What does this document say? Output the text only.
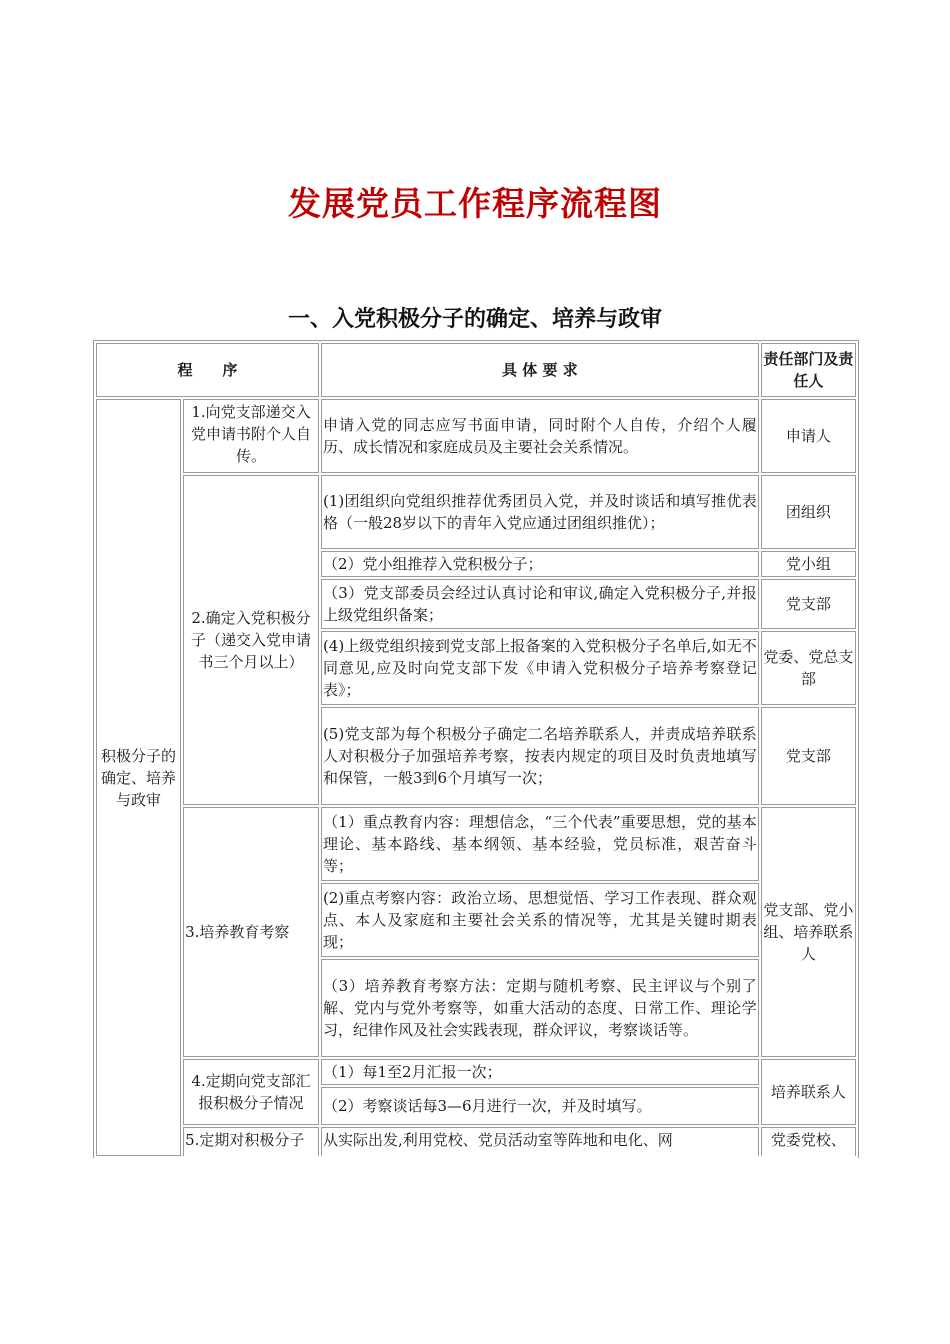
发展党员工作程序流程图
一、入党积极分子的确定、培养与政审
程　　序		具 体 要 求	责任部门及责任人
积极分子的确定、培养与政审	1.向党支部递交入党申请书附个人自传。	申请入党的同志应写书面申请，同时附个人自传，介绍个人履历、成长情况和家庭成员及主要社会关系情况。	申请人
	2.确定入党积极分子（递交入党申请书三个月以上）	(1)团组织向党组织推荐优秀团员入党，并及时谈话和填写推优表格（一般28岁以下的青年入党应通过团组织推优）；	团组织
		（2）党小组推荐入党积极分子；	党小组
		（3）党支部委员会经过认真讨论和审议,确定入党积极分子,并报上级党组织备案；	党支部
		(4)上级党组织接到党支部上报备案的入党积极分子名单后,如无不同意见,应及时向党支部下发《申请入党积极分子培养考察登记表》；	党委、党总支部
		(5)党支部为每个积极分子确定二名培养联系人，并责成培养联系人对积极分子加强培养考察，按表内规定的项目及时负责地填写和保管，一般3到6个月填写一次；	党支部
	3.培养教育考察	（1）重点教育内容：理想信念，“三个代表”重要思想，党的基本理论、基本路线、基本纲领、基本经验，党员标准，艰苦奋斗等；	党支部、党小组、培养联系人
		(2)重点考察内容：政治立场、思想觉悟、学习工作表现、群众观点、本人及家庭和主要社会关系的情况等，尤其是关键时期表现；	
		（3）培养教育考察方法：定期与随机考察、民主评议与个别了解、党内与党外考察等，如重大活动的态度、日常工作、理论学习，纪律作风及社会实践表现，群众评议，考察谈话等。	
	4.定期向党支部汇报积极分子情况	（1）每1至2月汇报一次；	培养联系人
		（2）考察谈话每3—6月进行一次，并及时填写。	
	5.定期对积极分子	从实际出发,利用党校、党员活动室等阵地和电化、网	党委党校、
